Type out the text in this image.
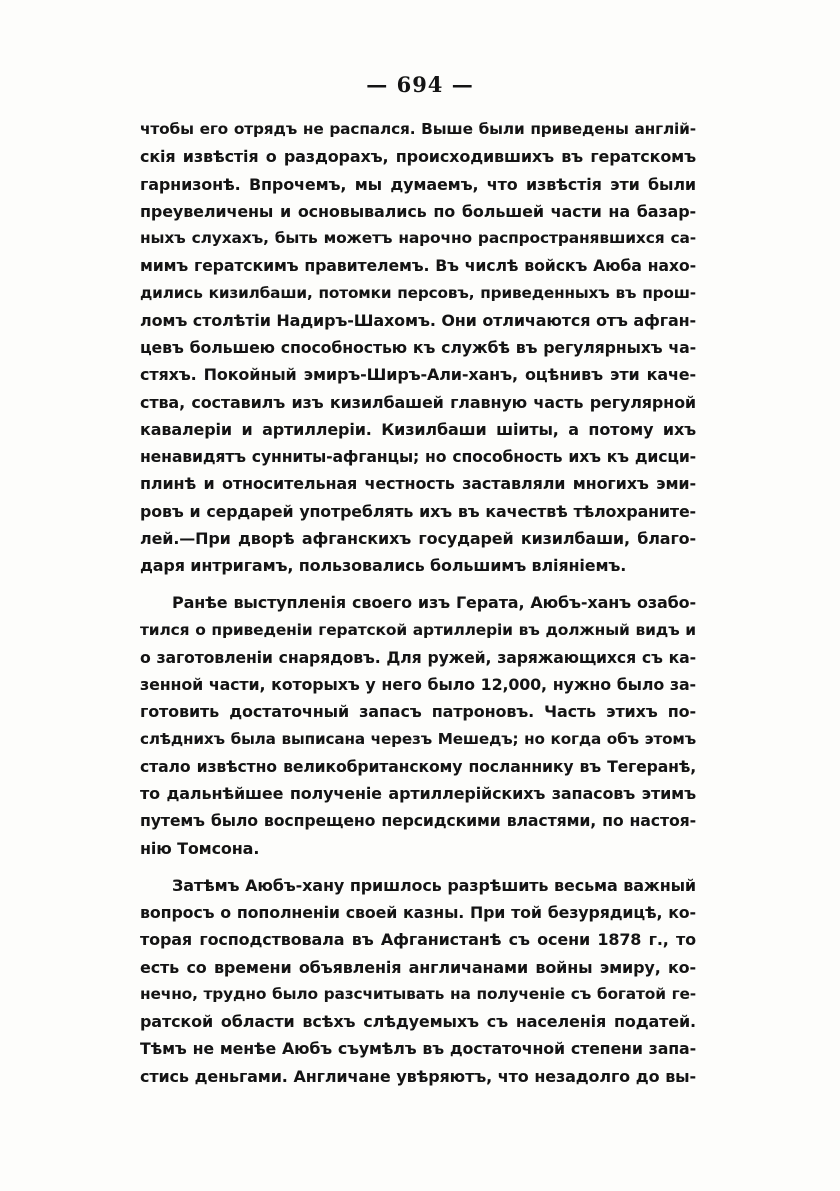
— 694 —
чтобы его отрядъ не распался. Выше были приведены англій-
скія извѣстія о раздорахъ, происходившихъ въ гератскомъ
гарнизонѣ. Впрочемъ, мы думаемъ, что извѣстія эти были
преувеличены и основывались по большей части на базар-
ныхъ слухахъ, быть можетъ нарочно распространявшихся са-
мимъ гератскимъ правителемъ. Въ числѣ войскъ Аюба нахо-
дились кизилбаши, потомки персовъ, приведенныхъ въ прош-
ломъ столѣтіи Надиръ-Шахомъ. Они отличаются отъ афган-
цевъ большею способностью къ службѣ въ регулярныхъ ча-
стяхъ. Покойный эмиръ-Ширъ-Али-ханъ, оцѣнивъ эти каче-
ства, составилъ изъ кизилбашей главную часть регулярной
кавалеріи и артиллеріи. Кизилбаши шіиты, а потому ихъ
ненавидятъ сунниты-афганцы; но способность ихъ къ дисци-
плинѣ и относительная честность заставляли многихъ эми-
ровъ и сердарей употреблять ихъ въ качествѣ тѣлохраните-
лей.—При дворѣ афганскихъ государей кизилбаши, благо-
даря интригамъ, пользовались большимъ вліяніемъ.
Ранѣе выступленія своего изъ Герата, Аюбъ-ханъ озабо-
тился о приведеніи гератской артиллеріи въ должный видъ и
о заготовленіи снарядовъ. Для ружей, заряжающихся съ ка-
зенной части, которыхъ у него было 12,000, нужно было за-
готовить достаточный запасъ патроновъ. Часть этихъ по-
слѣднихъ была выписана черезъ Мешедъ; но когда объ этомъ
стало извѣстно великобританскому посланнику въ Тегеранѣ,
то дальнѣйшее полученіе артиллерійскихъ запасовъ этимъ
путемъ было воспрещено персидскими властями, по настоя-
нію Томсона.
Затѣмъ Аюбъ-хану пришлось разрѣшить весьма важный
вопросъ о пополненіи своей казны. При той безурядицѣ, ко-
торая господствовала въ Афганистанѣ съ осени 1878 г., то
есть со времени объявленія англичанами войны эмиру, ко-
нечно, трудно было разсчитывать на полученіе съ богатой ге-
ратской области всѣхъ слѣдуемыхъ съ населенія податей.
Тѣмъ не менѣе Аюбъ съумѣлъ въ достаточной степени запа-
стись деньгами. Англичане увѣряютъ, что незадолго до вы-
